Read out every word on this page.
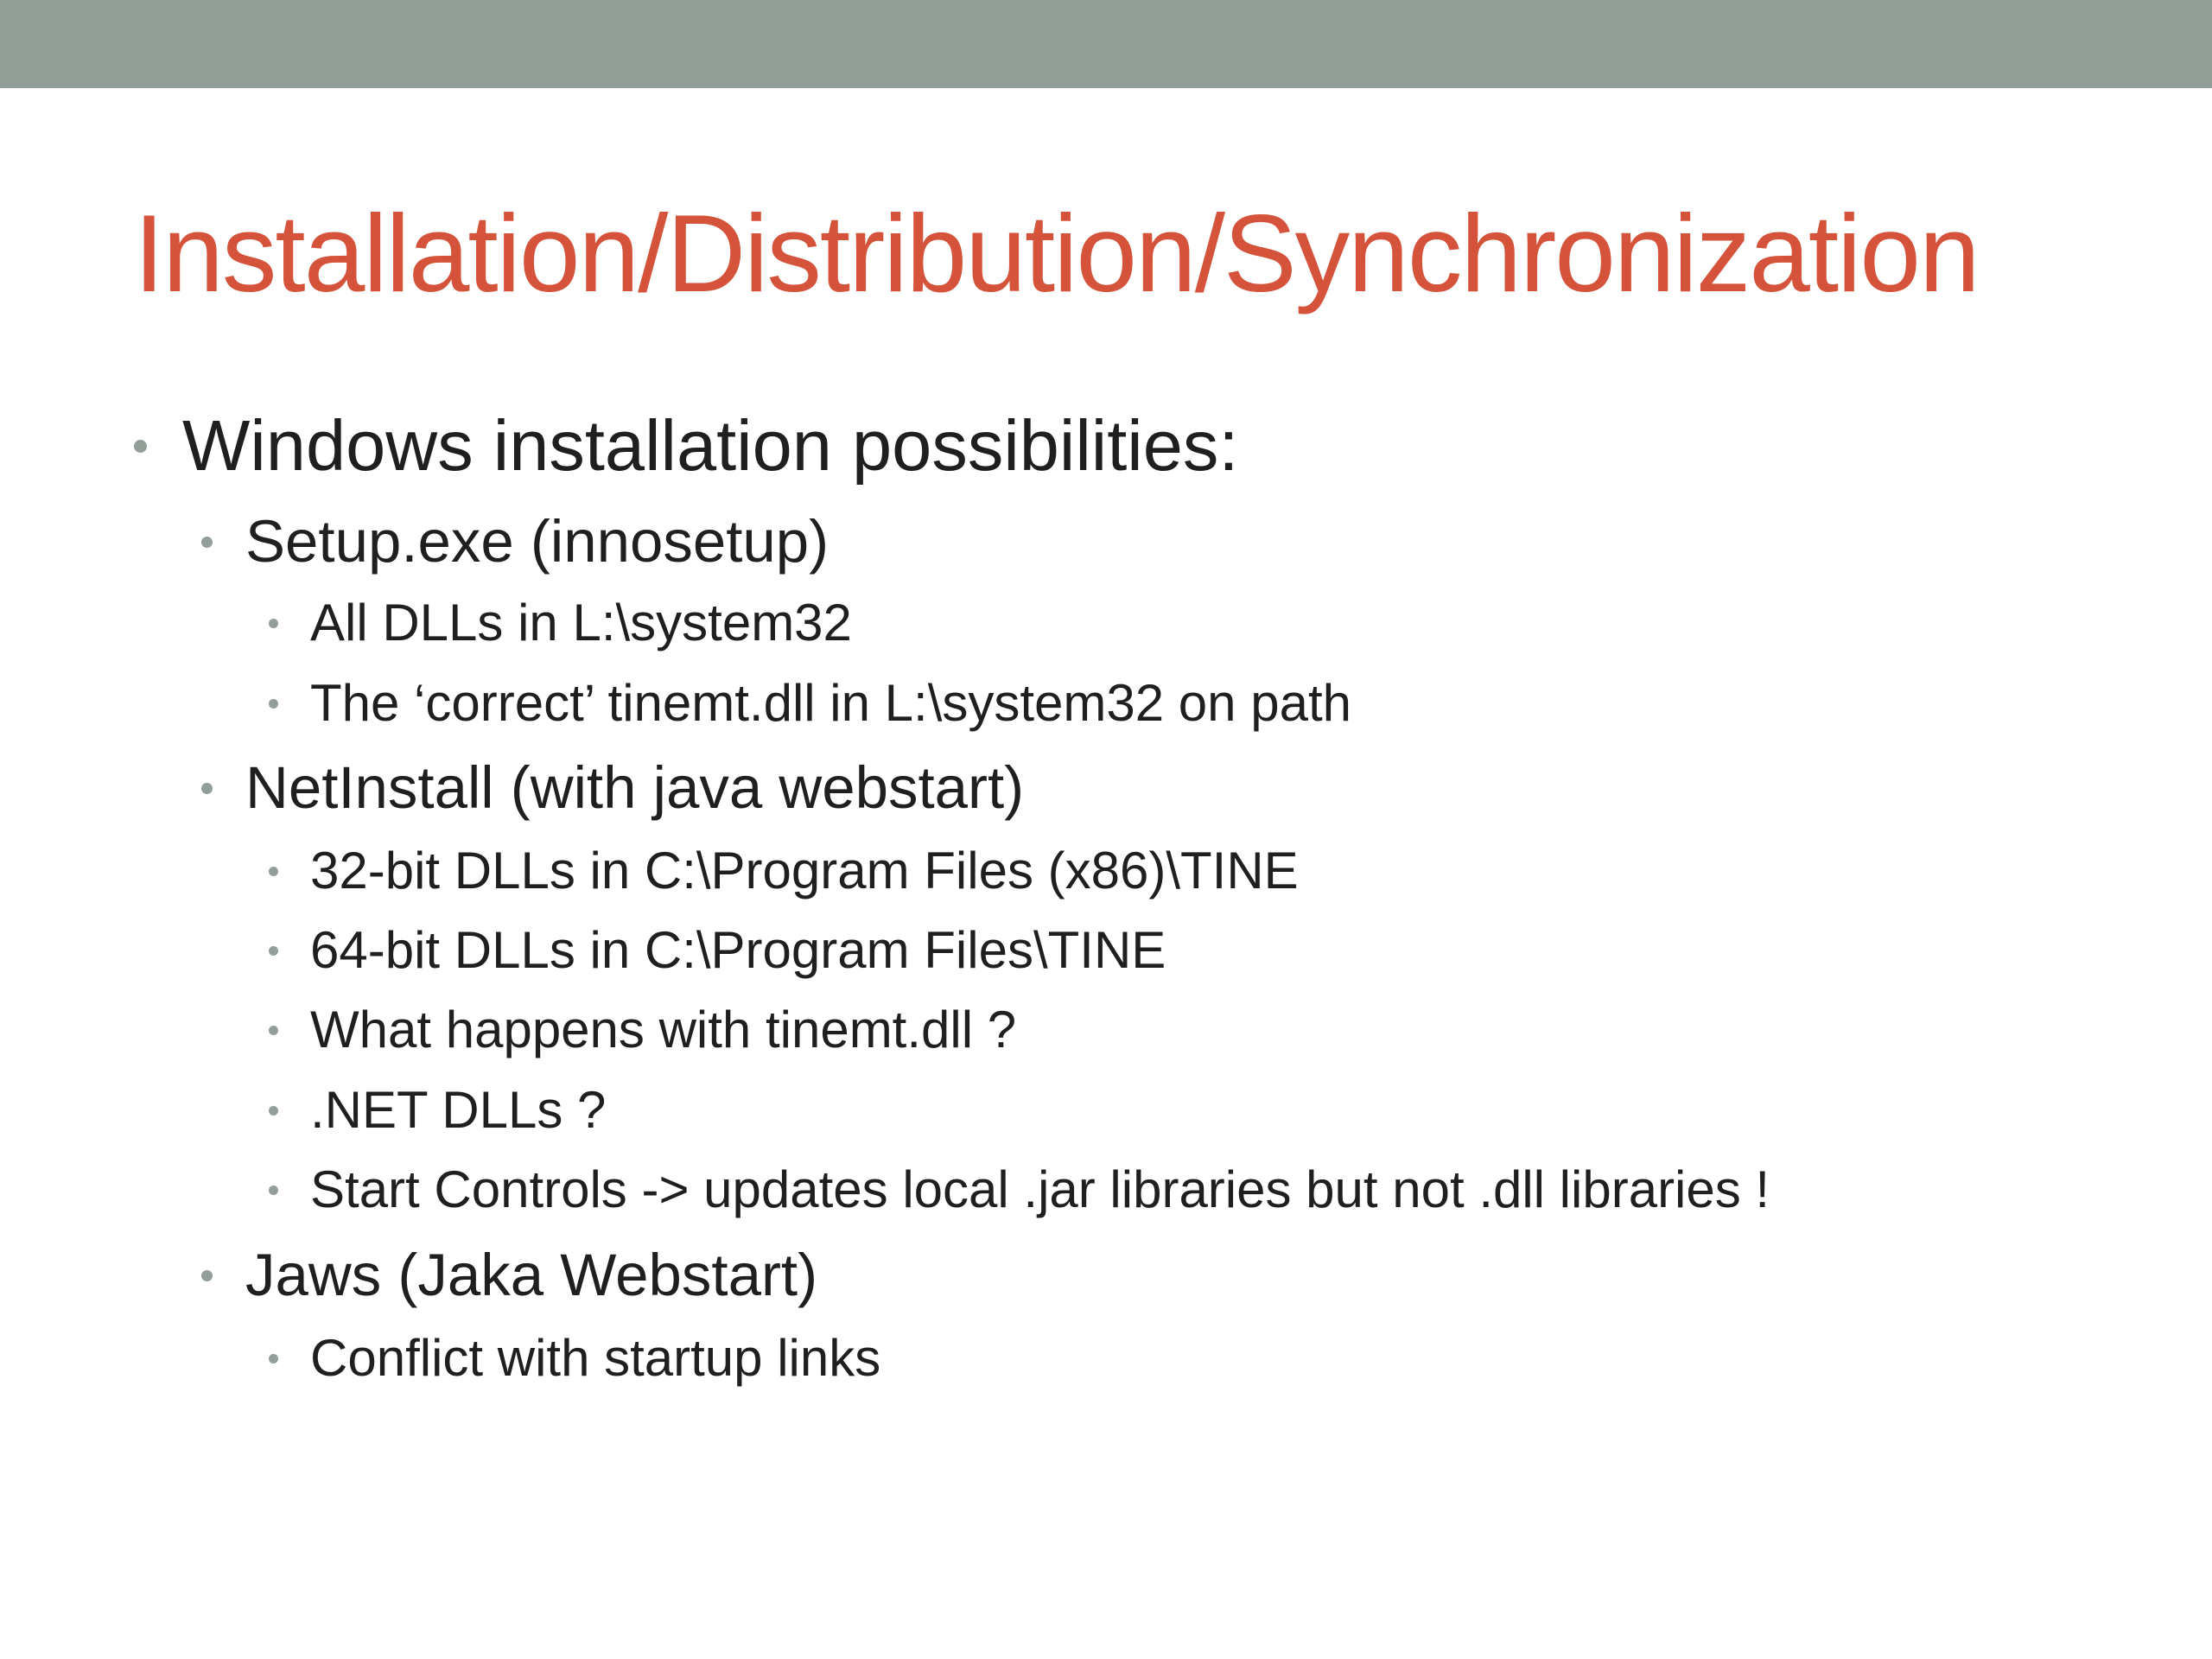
Installation/Distribution/Synchronization
Windows installation possibilities:
Setup.exe (innosetup)
All DLLs in L:\system32
The ‘correct’ tinemt.dll in L:\system32 on path
NetInstall (with java webstart)
32-bit DLLs in C:\Program Files (x86)\TINE
64-bit DLLs in C:\Program Files\TINE
What happens with tinemt.dll ?
.NET DLLs ?
Start Controls -> updates local .jar libraries but not .dll libraries !
Jaws (Jaka Webstart)
Conflict with startup links
